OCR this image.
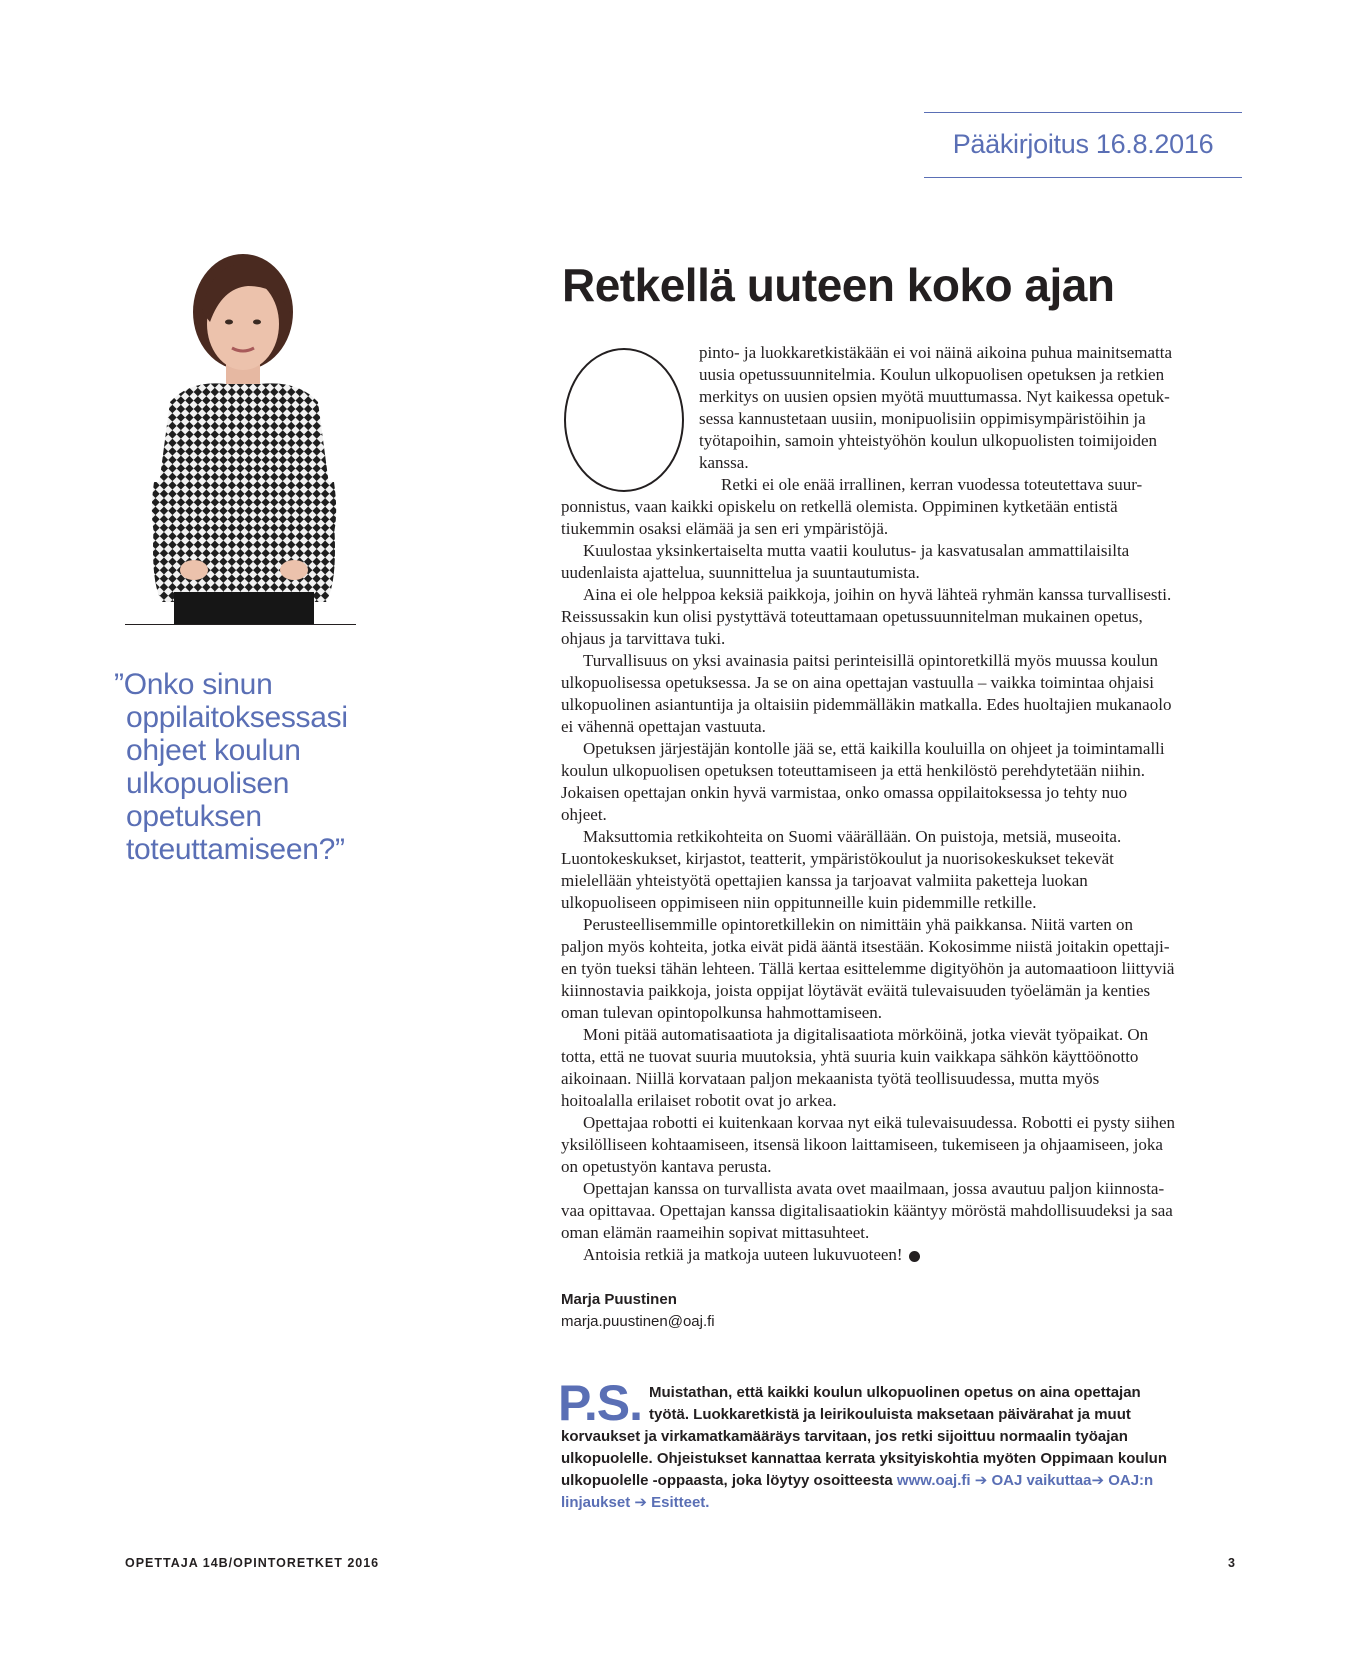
Pääkirjoitus 16.8.2016
”Onko sinun
oppilaitoksessasi
ohjeet koulun
ulkopuolisen
opetuksen
toteuttamiseen?”
Retkellä uuteen koko ajan
O
pinto- ja luokkaretkistäkään ei voi näinä aikoina puhua mainitsematta
uusia opetussuunnitelmia. Koulun ulkopuolisen opetuksen ja retkien
merkitys on uusien opsien myötä muuttumassa. Nyt kaikessa opetuk-
sessa kannustetaan uusiin, monipuolisiin oppimisympäristöihin ja
työtapoihin, samoin yhteistyöhön koulun ulkopuolisten toimijoiden
kanssa.
Retki ei ole enää irrallinen, kerran vuodessa toteutettava suur-
ponnistus, vaan kaikki opiskelu on retkellä olemista. Oppiminen kytketään entistä
tiukemmin osaksi elämää ja sen eri ympäristöjä.
Kuulostaa yksinkertaiselta mutta vaatii koulutus- ja kasvatusalan ammattilaisilta
uudenlaista ajattelua, suunnittelua ja suuntautumista.
Aina ei ole helppoa keksiä paikkoja, joihin on hyvä lähteä ryhmän kanssa turvallisesti.
Reissussakin kun olisi pystyttävä toteuttamaan opetussuunnitelman mukainen opetus,
ohjaus ja tarvittava tuki.
Turvallisuus on yksi avainasia paitsi perinteisillä opintoretkillä myös muussa koulun
ulkopuolisessa opetuksessa. Ja se on aina opettajan vastuulla – vaikka toimintaa ohjaisi
ulkopuolinen asiantuntija ja oltaisiin pidemmälläkin matkalla. Edes huoltajien mukanaolo
ei vähennä opettajan vastuuta.
Opetuksen järjestäjän kontolle jää se, että kaikilla kouluilla on ohjeet ja toimintamalli
koulun ulkopuolisen opetuksen toteuttamiseen ja että henkilöstö perehdytetään niihin.
Jokaisen opettajan onkin hyvä varmistaa, onko omassa oppilaitoksessa jo tehty nuo
ohjeet.
Maksuttomia retkikohteita on Suomi väärällään. On puistoja, metsiä, museoita.
Luontokeskukset, kirjastot, teatterit, ympäristökoulut ja nuorisokeskukset tekevät
mielellään yhteistyötä opettajien kanssa ja tarjoavat valmiita paketteja luokan
ulkopuoliseen oppimiseen niin oppitunneille kuin pidemmille retkille.
Perusteellisemmille opintoretkillekin on nimittäin yhä paikkansa. Niitä varten on
paljon myös kohteita, jotka eivät pidä ääntä itsestään. Kokosimme niistä joitakin opettaji-
en työn tueksi tähän lehteen. Tällä kertaa esittelemme digityöhön ja automaatioon liittyviä
kiinnostavia paikkoja, joista oppijat löytävät eväitä tulevaisuuden työelämän ja kenties
oman tulevan opintopolkunsa hahmottamiseen.
Moni pitää automatisaatiota ja digitalisaatiota mörköinä, jotka vievät työpaikat. On
totta, että ne tuovat suuria muutoksia, yhtä suuria kuin vaikkapa sähkön käyttöönotto
aikoinaan. Niillä korvataan paljon mekaanista työtä teollisuudessa, mutta myös
hoitoalalla erilaiset robotit ovat jo arkea.
Opettajaa robotti ei kuitenkaan korvaa nyt eikä tulevaisuudessa. Robotti ei pysty siihen
yksilölliseen kohtaamiseen, itsensä likoon laittamiseen, tukemiseen ja ohjaamiseen, joka
on opetustyön kantava perusta.
Opettajan kanssa on turvallista avata ovet maailmaan, jossa avautuu paljon kiinnosta-
vaa opittavaa. Opettajan kanssa digitalisaatiokin kääntyy möröstä mahdollisuudeksi ja saa
oman elämän raameihin sopivat mittasuhteet.
Antoisia retkiä ja matkoja uuteen lukuvuoteen!
Marja Puustinen
marja.puustinen@oaj.fi
P.S. Muistathan, että kaikki koulun ulkopuolinen opetus on aina opettajan
työtä. Luokkaretkistä ja leirikouluista maksetaan päivärahat ja muut
korvaukset ja virkamatkamääräys tarvitaan, jos retki sijoittuu normaalin työajan
ulkopuolelle. Ohjeistukset kannattaa kerrata yksityiskohtia myöten Oppimaan koulun
ulkopuolelle -oppaasta, joka löytyy osoitteesta www.oaj.fi ➔ OAJ vaikuttaa➔ OAJ:n
linjaukset ➔ Esitteet.
OPETTAJA 14B/OPINTORETKET 2016	3
